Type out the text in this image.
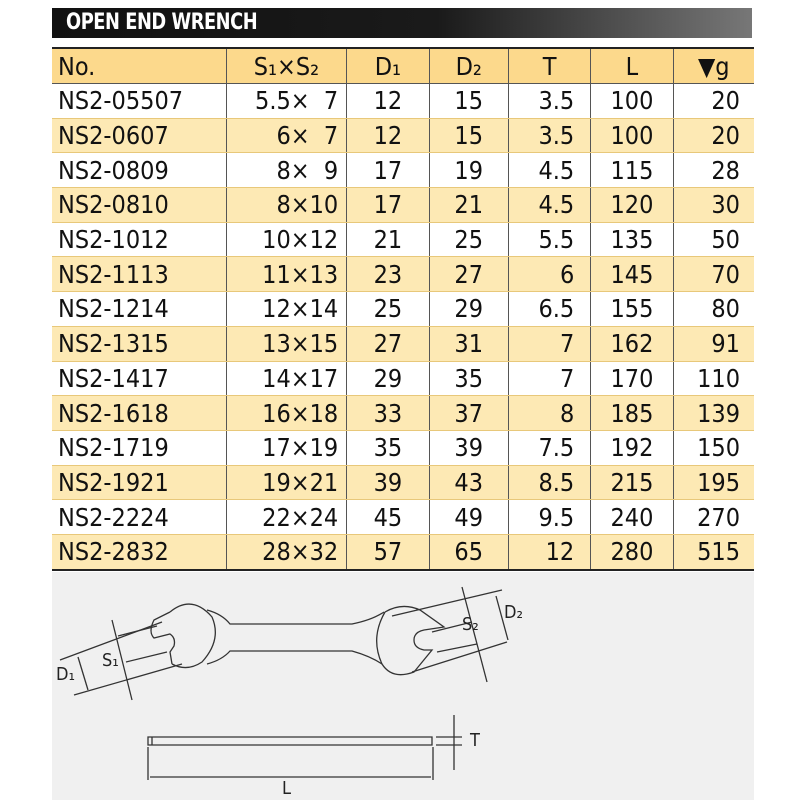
OPEN END WRENCH
No.	S₁×S₂	D₁	D₂	T	L	▼g
NS2-05507	5.5×  7	12	15	3.5	100	20
NS2-0607	6×  7	12	15	3.5	100	20
NS2-0809	8×  9	17	19	4.5	115	28
NS2-0810	8×10	17	21	4.5	120	30
NS2-1012	10×12	21	25	5.5	135	50
NS2-1113	11×13	23	27	6	145	70
NS2-1214	12×14	25	29	6.5	155	80
NS2-1315	13×15	27	31	7	162	91
NS2-1417	14×17	29	35	7	170	110
NS2-1618	16×18	33	37	8	185	139
NS2-1719	17×19	35	39	7.5	192	150
NS2-1921	19×21	39	43	8.5	215	195
NS2-2224	22×24	45	49	9.5	240	270
NS2-2832	28×32	57	65	12	280	515
D₁
S₁
S₂
D₂
T
L
